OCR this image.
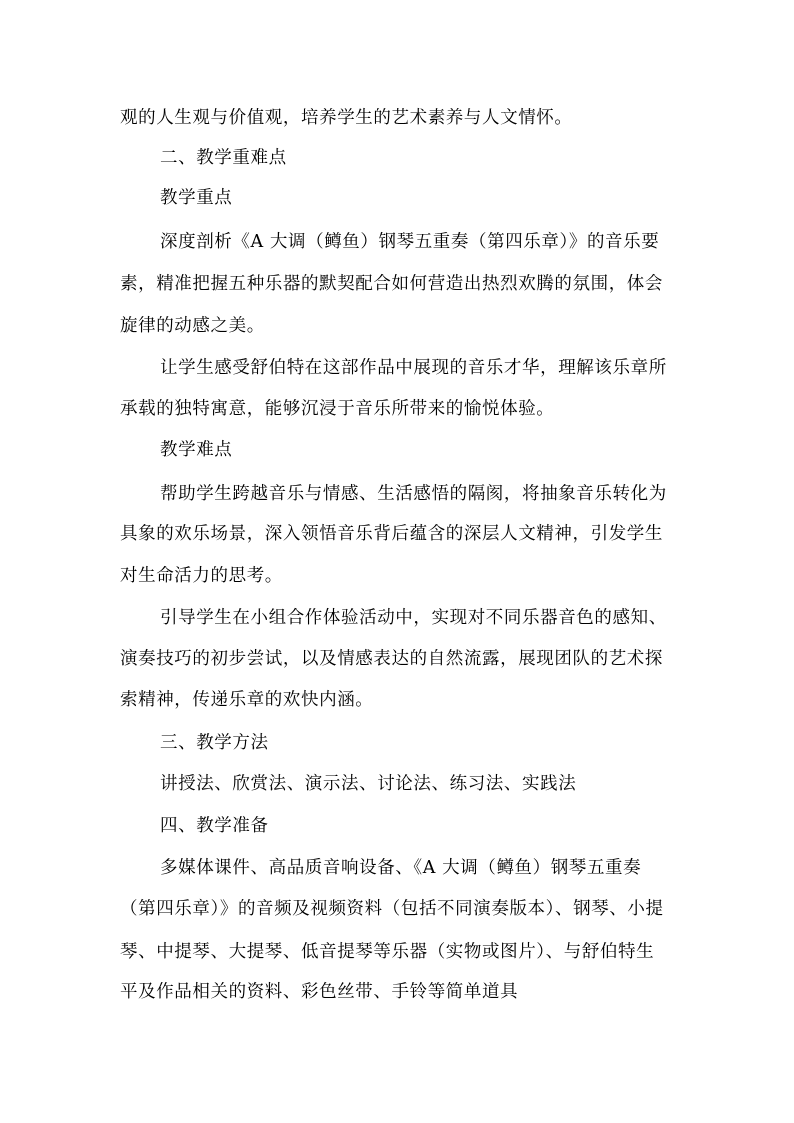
观的人生观与价值观，培养学生的艺术素养与人文情怀。

二、教学重难点

教学重点

深度剖析《A 大调（鳟鱼）钢琴五重奏（第四乐章）》的音乐要

素，精准把握五种乐器的默契配合如何营造出热烈欢腾的氛围，体会

旋律的动感之美。

让学生感受舒伯特在这部作品中展现的音乐才华，理解该乐章所

承载的独特寓意，能够沉浸于音乐所带来的愉悦体验。

教学难点

帮助学生跨越音乐与情感、生活感悟的隔阂，将抽象音乐转化为

具象的欢乐场景，深入领悟音乐背后蕴含的深层人文精神，引发学生

对生命活力的思考。

引导学生在小组合作体验活动中，实现对不同乐器音色的感知、

演奏技巧的初步尝试，以及情感表达的自然流露，展现团队的艺术探

索精神，传递乐章的欢快内涵。

三、教学方法

讲授法、欣赏法、演示法、讨论法、练习法、实践法

四、教学准备

多媒体课件、高品质音响设备、《A 大调（鳟鱼）钢琴五重奏

（第四乐章）》的音频及视频资料（包括不同演奏版本）、钢琴、小提

琴、中提琴、大提琴、低音提琴等乐器（实物或图片）、与舒伯特生

平及作品相关的资料、彩色丝带、手铃等简单道具
